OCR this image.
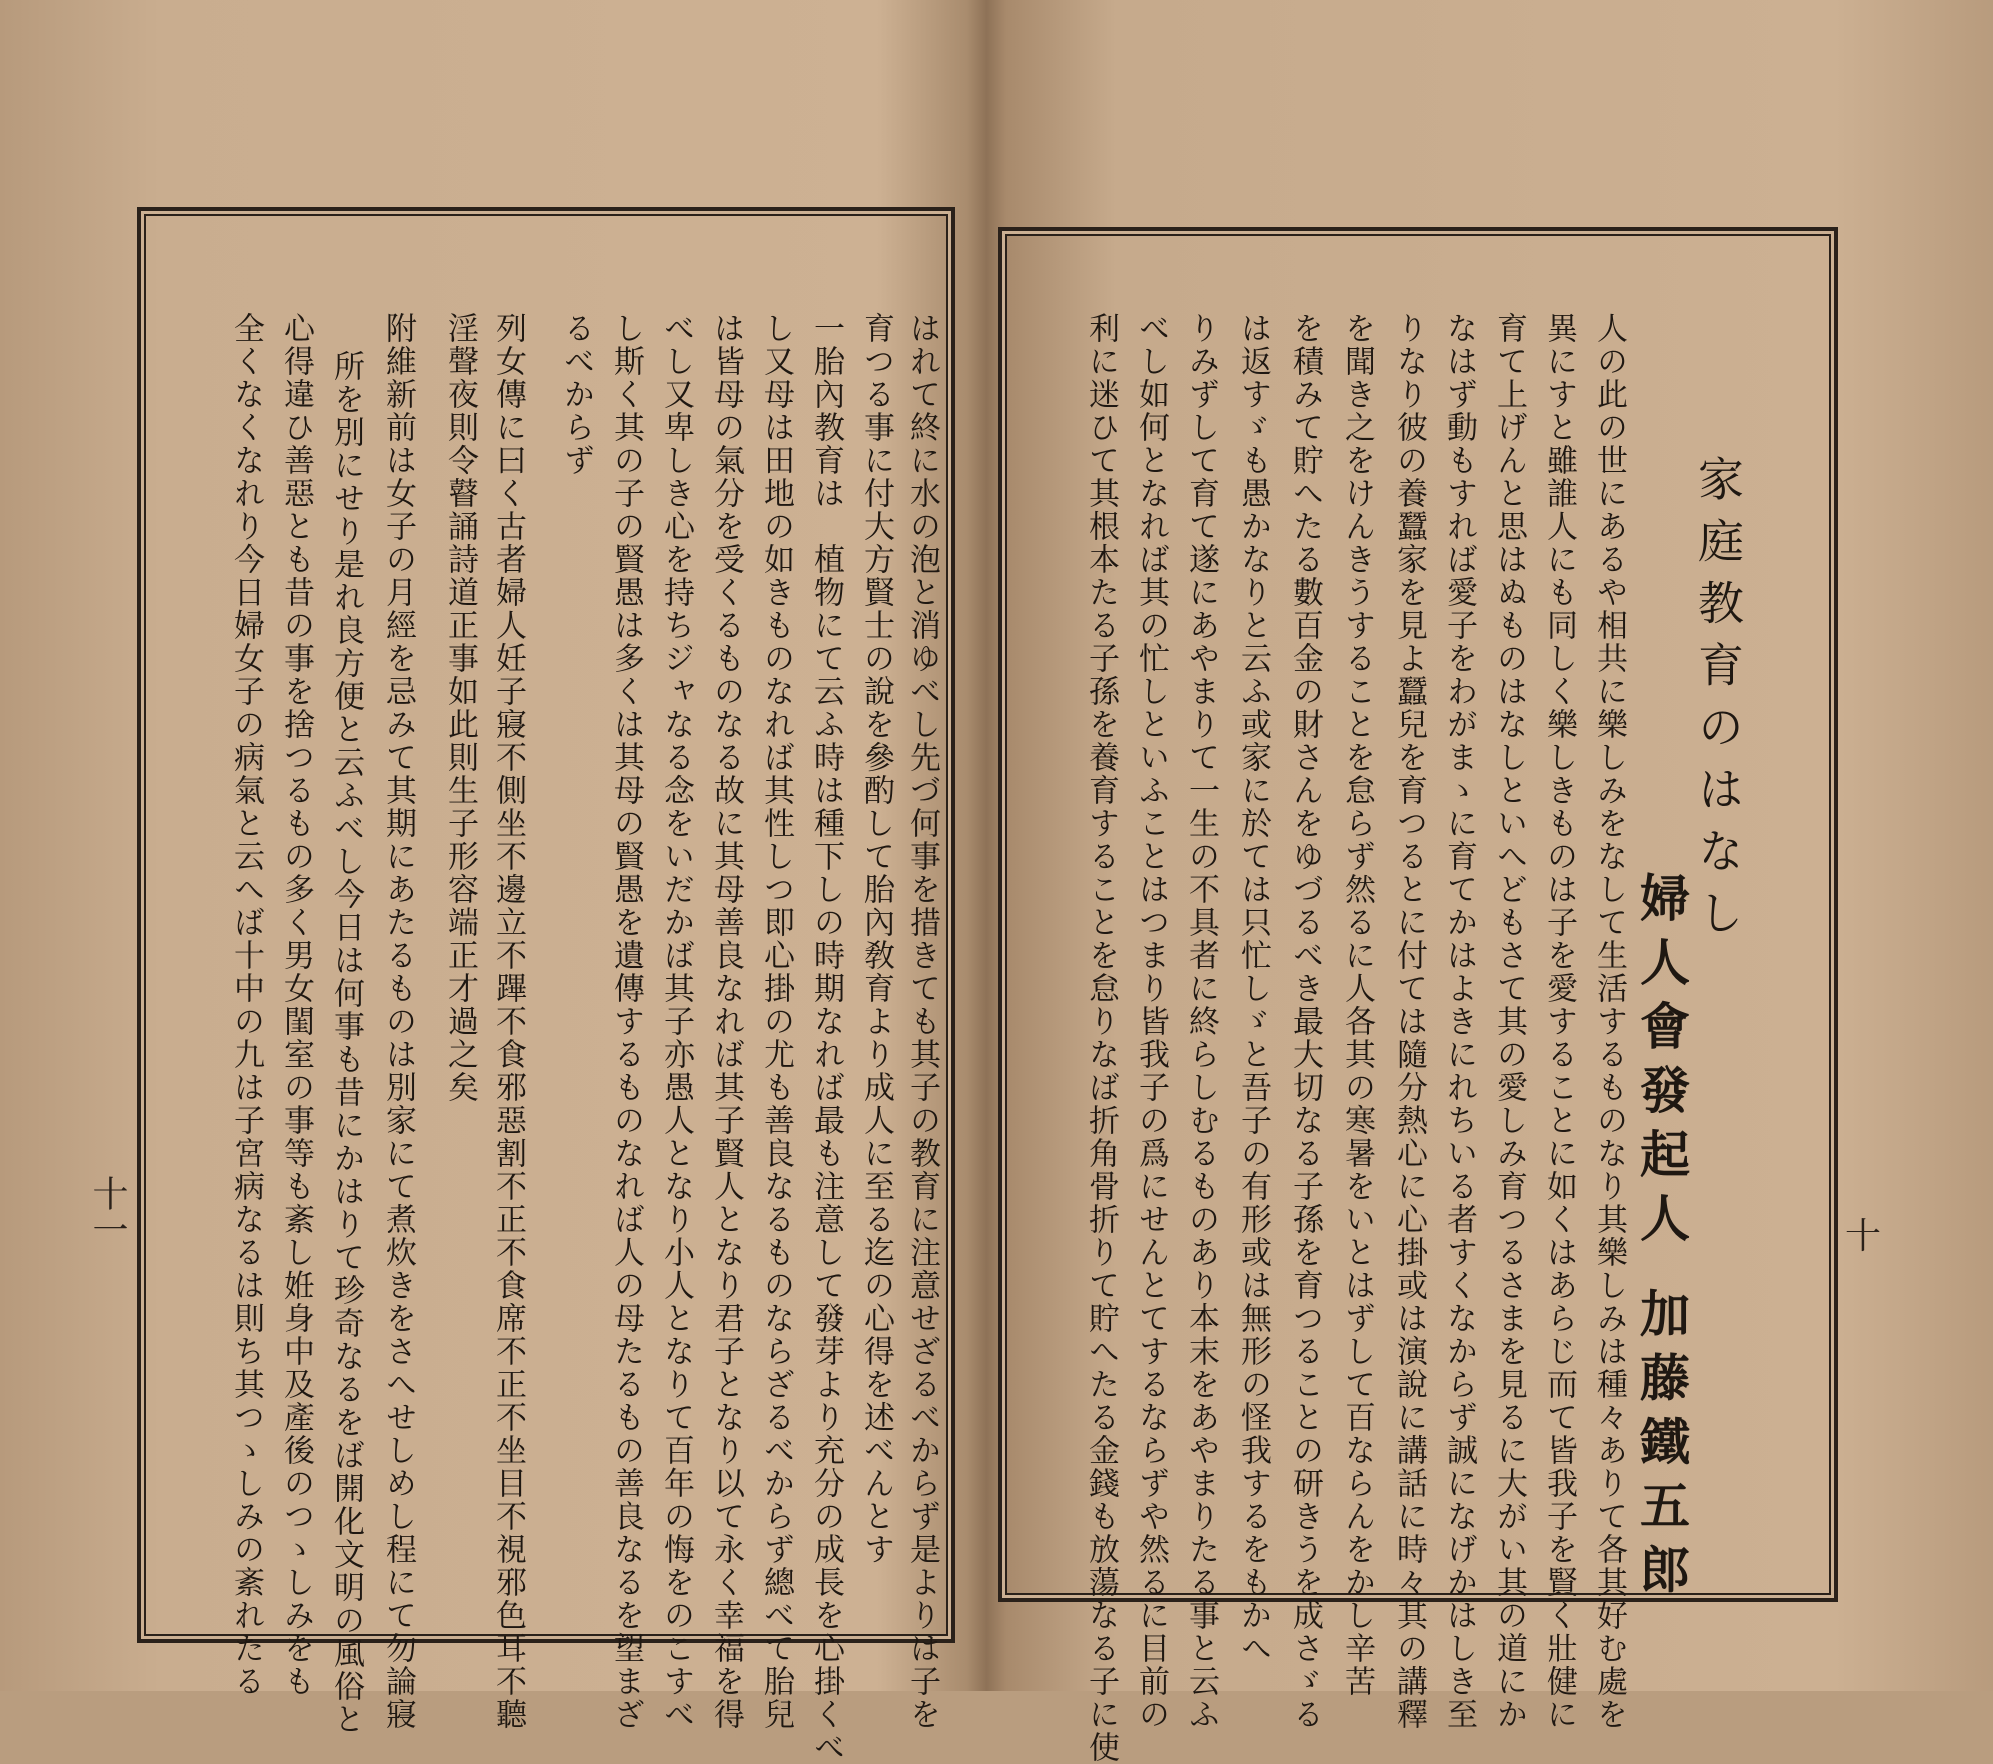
はれて終に水の泡と消ゆべし先づ何事を措きても其子の教育に注意せざるべからず是よりは子を
育つる事に付大方賢士の說を參酌して胎內敎育より成人に至る迄の心得を述べんとす
一胎內教育は　植物にて云ふ時は種下しの時期なれば最も注意して發芽より充分の成長を心掛くべ
し又母は田地の如きものなれば其性しつ即心掛の尤も善良なるものならざるべからず總べて胎兒
は皆母の氣分を受くるものなる故に其母善良なれば其子賢人となり君子となり以て永く幸福を得
べし又卑しき心を持ちジャなる念をいだかば其子亦愚人となり小人となりて百年の悔をのこすべ
し斯く其の子の賢愚は多くは其母の賢愚を遺傳するものなれば人の母たるもの善良なるを望まざ
るべからず
列女傳に曰く古者婦人妊子寢不側坐不邊立不蹕不食邪惡割不正不食席不正不坐目不視邪色耳不聽
淫聲夜則令瞽誦詩道正事如此則生子形容端正才過之矣
附維新前は女子の月經を忌みて其期にあたるものは別家にて煮炊きをさへせしめし程にて勿論寢
所を別にせり是れ良方便と云ふべし今日は何事も昔にかはりて珍奇なるをば開化文明の風俗と
心得違ひ善惡とも昔の事を捨つるもの多く男女閨室の事等も紊し姙身中及產後のつゝしみをも
全くなくなれり今日婦女子の病氣と云へば十中の九は子宮病なるは則ち其つゝしみの紊れたる
十一
家庭教育のはなし
婦人會發起人 加藤鐵五郎
人の此の世にあるや相共に樂しみをなして生活するものなり其樂しみは種々ありて各其好む處を
異にすと雖誰人にも同しく樂しきものは子を愛することに如くはあらじ而て皆我子を賢く壯健に
育て上げんと思はぬものはなしといへどもさて其の愛しみ育つるさまを見るに大がい其の道にか
なはず動もすれば愛子をわがまゝに育てかはよきにれちいる者すくなからず誠になげかはしき至
りなり彼の養蠶家を見よ蠶兒を育つるとに付ては隨分熱心に心掛或は演說に講話に時々其の講釋
を聞き之をけんきうすることを怠らず然るに人各其の寒暑をいとはずして百ならんをかし辛苦
を積みて貯へたる數百金の財さんをゆづるべき最大切なる子孫を育つることの研きうを成さゞる
は返すゞも愚かなりと云ふ或家に於ては只忙しゞと吾子の有形或は無形の怪我するをもかへ
りみずして育て遂にあやまりて一生の不具者に終らしむるものあり本末をあやまりたる事と云ふ
べし如何となれば其の忙しといふことはつまり皆我子の爲にせんとてするならずや然るに目前の
利に迷ひて其根本たる子孫を養育することを怠りなば折角骨折りて貯へたる金錢も放蕩なる子に使	十
